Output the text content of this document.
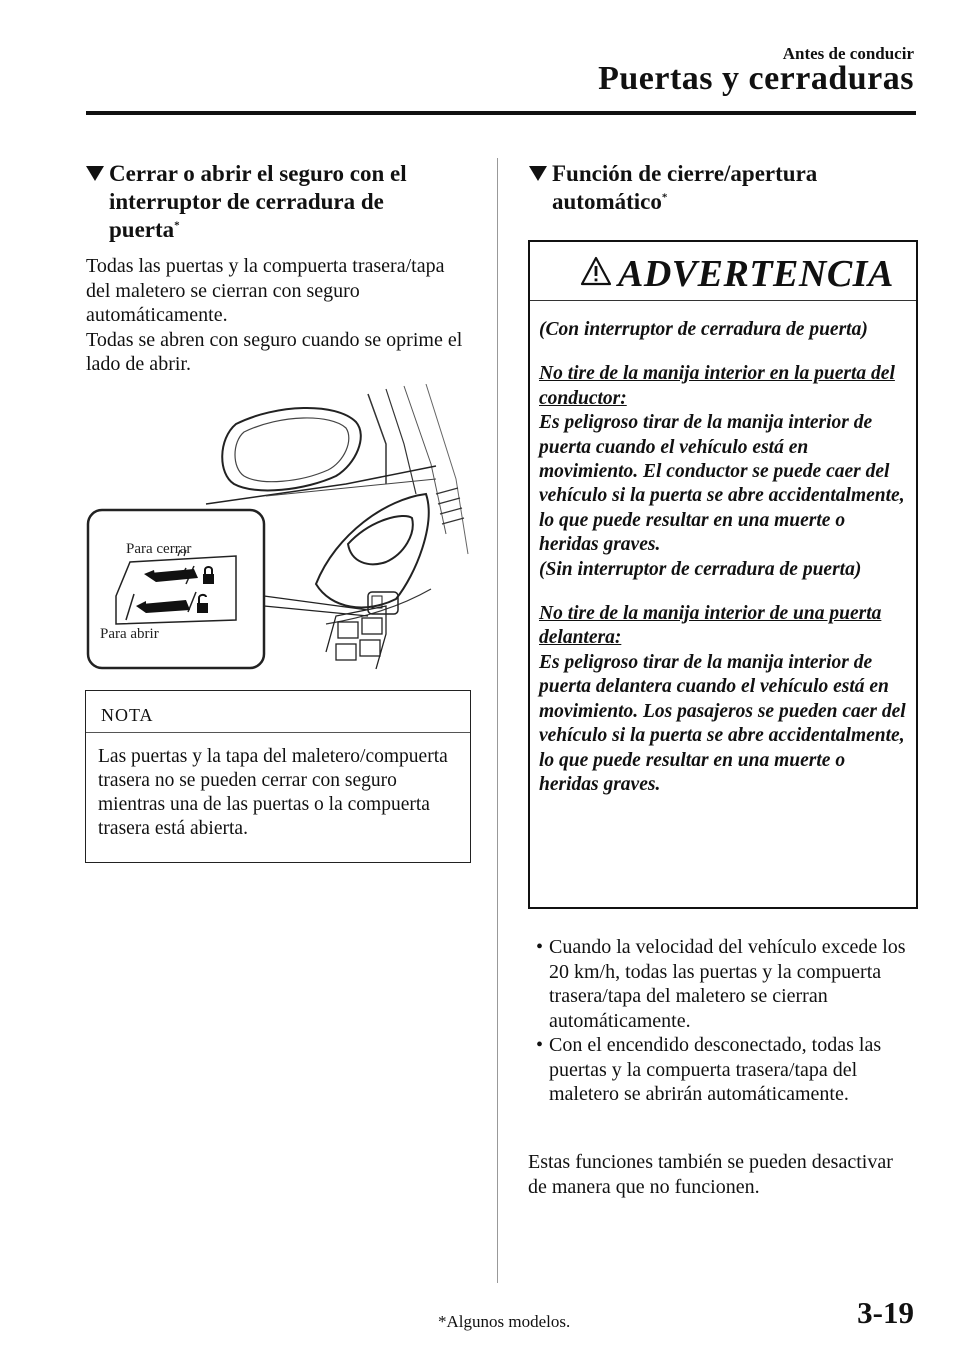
Antes de conducir
Puertas y cerraduras
Cerrar o abrir el seguro con el interruptor de cerradura de puerta*
Todas las puertas y la compuerta trasera/tapa del maletero se cierran con seguro automáticamente.
Todas se abren con seguro cuando se oprime el lado de abrir.
Para cerrar
Para abrir
NOTA
Las puertas y la tapa del maletero/compuerta trasera no se pueden cerrar con seguro mientras una de las puertas o la compuerta trasera está abierta.
Función de cierre/apertura automático*
ADVERTENCIA

(Con interruptor de cerradura de puerta)

No tire de la manija interior en la puerta del conductor:

Es peligroso tirar de la manija interior de puerta cuando el vehículo está en movimiento. El conductor se puede caer del vehículo si la puerta se abre accidentalmente, lo que puede resultar en una muerte o heridas graves.

(Sin interruptor de cerradura de puerta)

No tire de la manija interior de una puerta delantera:

Es peligroso tirar de la manija interior de puerta delantera cuando el vehículo está en movimiento. Los pasajeros se pueden caer del vehículo si la puerta se abre accidentalmente, lo que puede resultar en una muerte o heridas graves.

• Cuando la velocidad del vehículo excede los 20 km/h, todas las puertas y la compuerta trasera/tapa del maletero se cierran automáticamente.

• Con el encendido desconectado, todas las puertas y la compuerta trasera/tapa del maletero se abrirán automáticamente.

Estas funciones también se pueden desactivar de manera que no funcionen.
*Algunos modelos.	3-19
